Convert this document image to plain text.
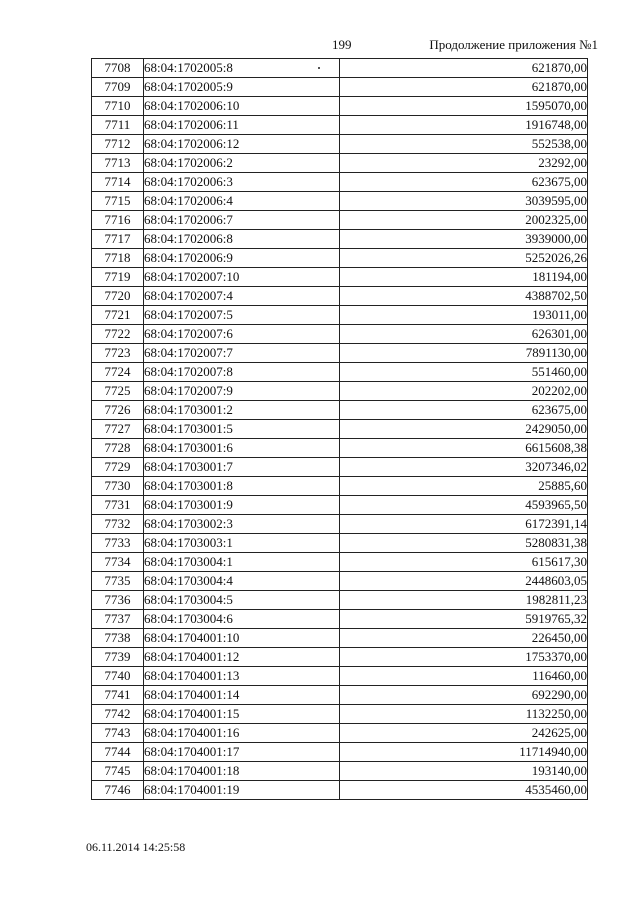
199	Продолжение приложения №1
7708	68:04:1702005:8	621870,00
7709	68:04:1702005:9	621870,00
7710	68:04:1702006:10	1595070,00
7711	68:04:1702006:11	1916748,00
7712	68:04:1702006:12	552538,00
7713	68:04:1702006:2	23292,00
7714	68:04:1702006:3	623675,00
7715	68:04:1702006:4	3039595,00
7716	68:04:1702006:7	2002325,00
7717	68:04:1702006:8	3939000,00
7718	68:04:1702006:9	5252026,26
7719	68:04:1702007:10	181194,00
7720	68:04:1702007:4	4388702,50
7721	68:04:1702007:5	193011,00
7722	68:04:1702007:6	626301,00
7723	68:04:1702007:7	7891130,00
7724	68:04:1702007:8	551460,00
7725	68:04:1702007:9	202202,00
7726	68:04:1703001:2	623675,00
7727	68:04:1703001:5	2429050,00
7728	68:04:1703001:6	6615608,38
7729	68:04:1703001:7	3207346,02
7730	68:04:1703001:8	25885,60
7731	68:04:1703001:9	4593965,50
7732	68:04:1703002:3	6172391,14
7733	68:04:1703003:1	5280831,38
7734	68:04:1703004:1	615617,30
7735	68:04:1703004:4	2448603,05
7736	68:04:1703004:5	1982811,23
7737	68:04:1703004:6	5919765,32
7738	68:04:1704001:10	226450,00
7739	68:04:1704001:12	1753370,00
7740	68:04:1704001:13	116460,00
7741	68:04:1704001:14	692290,00
7742	68:04:1704001:15	1132250,00
7743	68:04:1704001:16	242625,00
7744	68:04:1704001:17	11714940,00
7745	68:04:1704001:18	193140,00
7746	68:04:1704001:19	4535460,00
06.11.2014 14:25:58
